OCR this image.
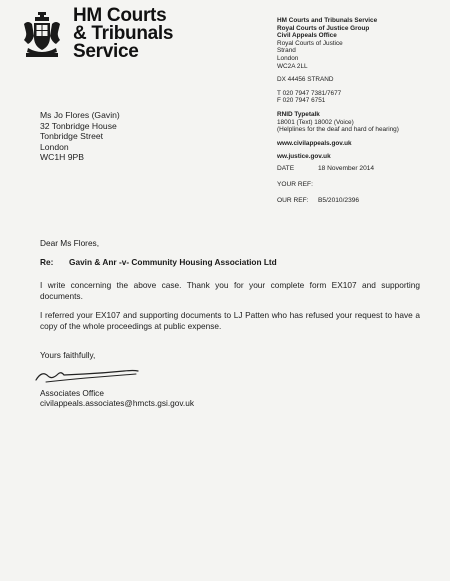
HM Courts
& Tribunals
Service
HM Courts and Tribunals Service
Royal Courts of Justice Group
Civil Appeals Office
Royal Courts of Justice
Strand
London
WC2A 2LL
DX 44456 STRAND
T 020 7947 7381/7677
F 020 7947 6751
RNID Typetalk
18001 (Text) 18002 (Voice)
(Helplines for the deaf and hard of hearing)
www.civilappeals.gov.uk
ww.justice.gov.uk
Ms Jo Flores (Gavin)
32 Tonbridge House
Tonbridge Street
London
WC1H 9PB
DATE	18 November 2014
YOUR REF:
OUR REF:	B5/2010/2396
Dear Ms Flores,
Re: Gavin & Anr -v- Community Housing Association Ltd
I write concerning the above case. Thank you for your complete form EX107 and supporting documents.
I referred your EX107 and supporting documents to LJ Patten who has refused your request to have a copy of the whole proceedings at public expense.
Yours faithfully,
Associates Office
civilappeals.associates@hmcts.gsi.gov.uk
